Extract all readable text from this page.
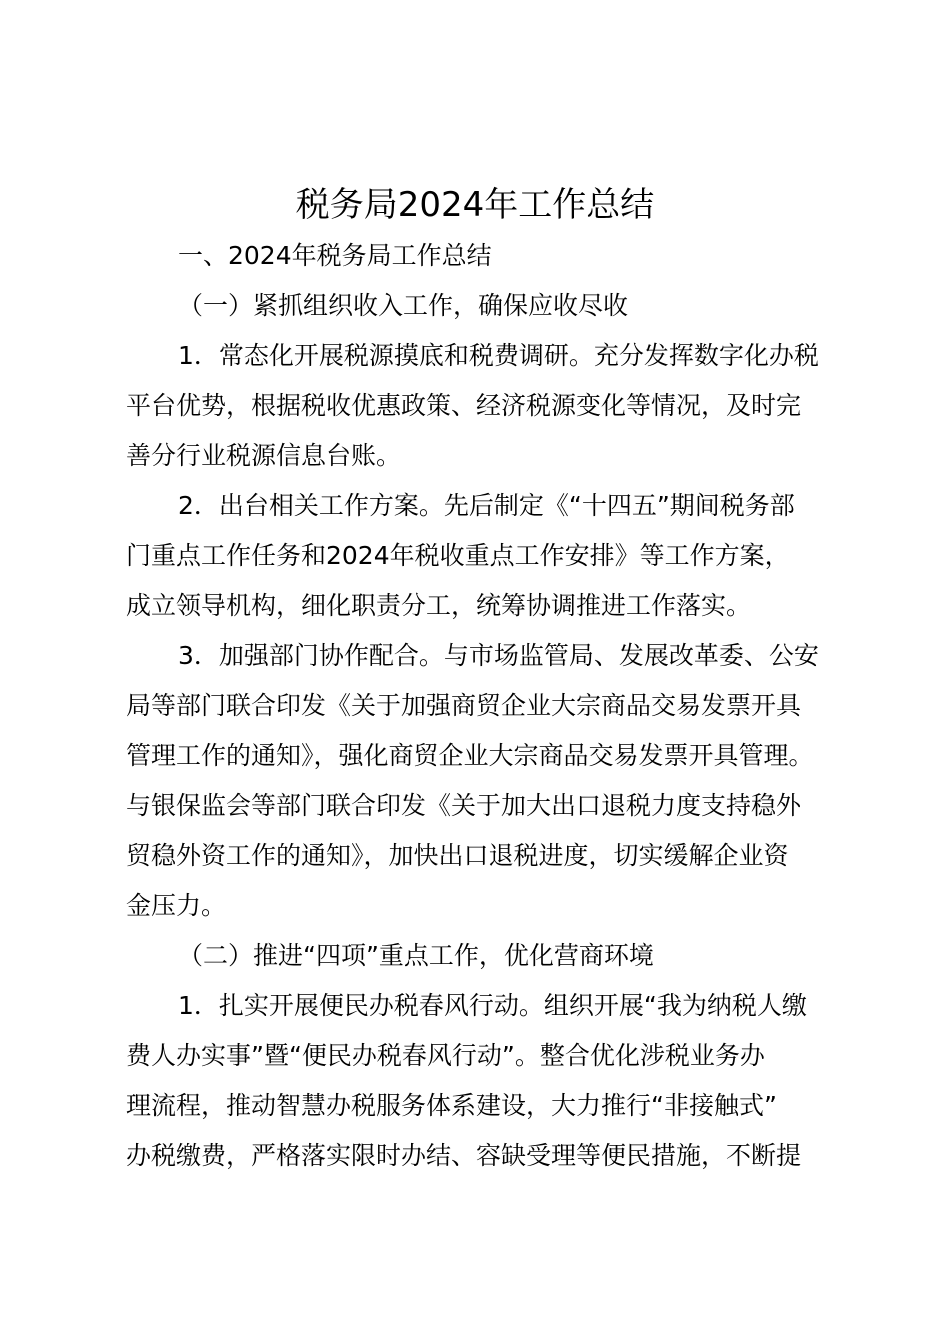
税务局2024年工作总结
一、2024年税务局工作总结
（一）紧抓组织收入工作，确保应收尽收
1．常态化开展税源摸底和税费调研。充分发挥数字化办税
平台优势，根据税收优惠政策、经济税源变化等情况，及时完
善分行业税源信息台账。
2．出台相关工作方案。先后制定《“十四五”期间税务部
门重点工作任务和2024年税收重点工作安排》等工作方案，
成立领导机构，细化职责分工，统筹协调推进工作落实。
3．加强部门协作配合。与市场监管局、发展改革委、公安
局等部门联合印发《关于加强商贸企业大宗商品交易发票开具
管理工作的通知》，强化商贸企业大宗商品交易发票开具管理。
与银保监会等部门联合印发《关于加大出口退税力度支持稳外
贸稳外资工作的通知》，加快出口退税进度，切实缓解企业资
金压力。
（二）推进“四项”重点工作，优化营商环境
1．扎实开展便民办税春风行动。组织开展“我为纳税人缴
费人办实事”暨“便民办税春风行动”。整合优化涉税业务办
理流程，推动智慧办税服务体系建设，大力推行“非接触式”
办税缴费，严格落实限时办结、容缺受理等便民措施，不断提
